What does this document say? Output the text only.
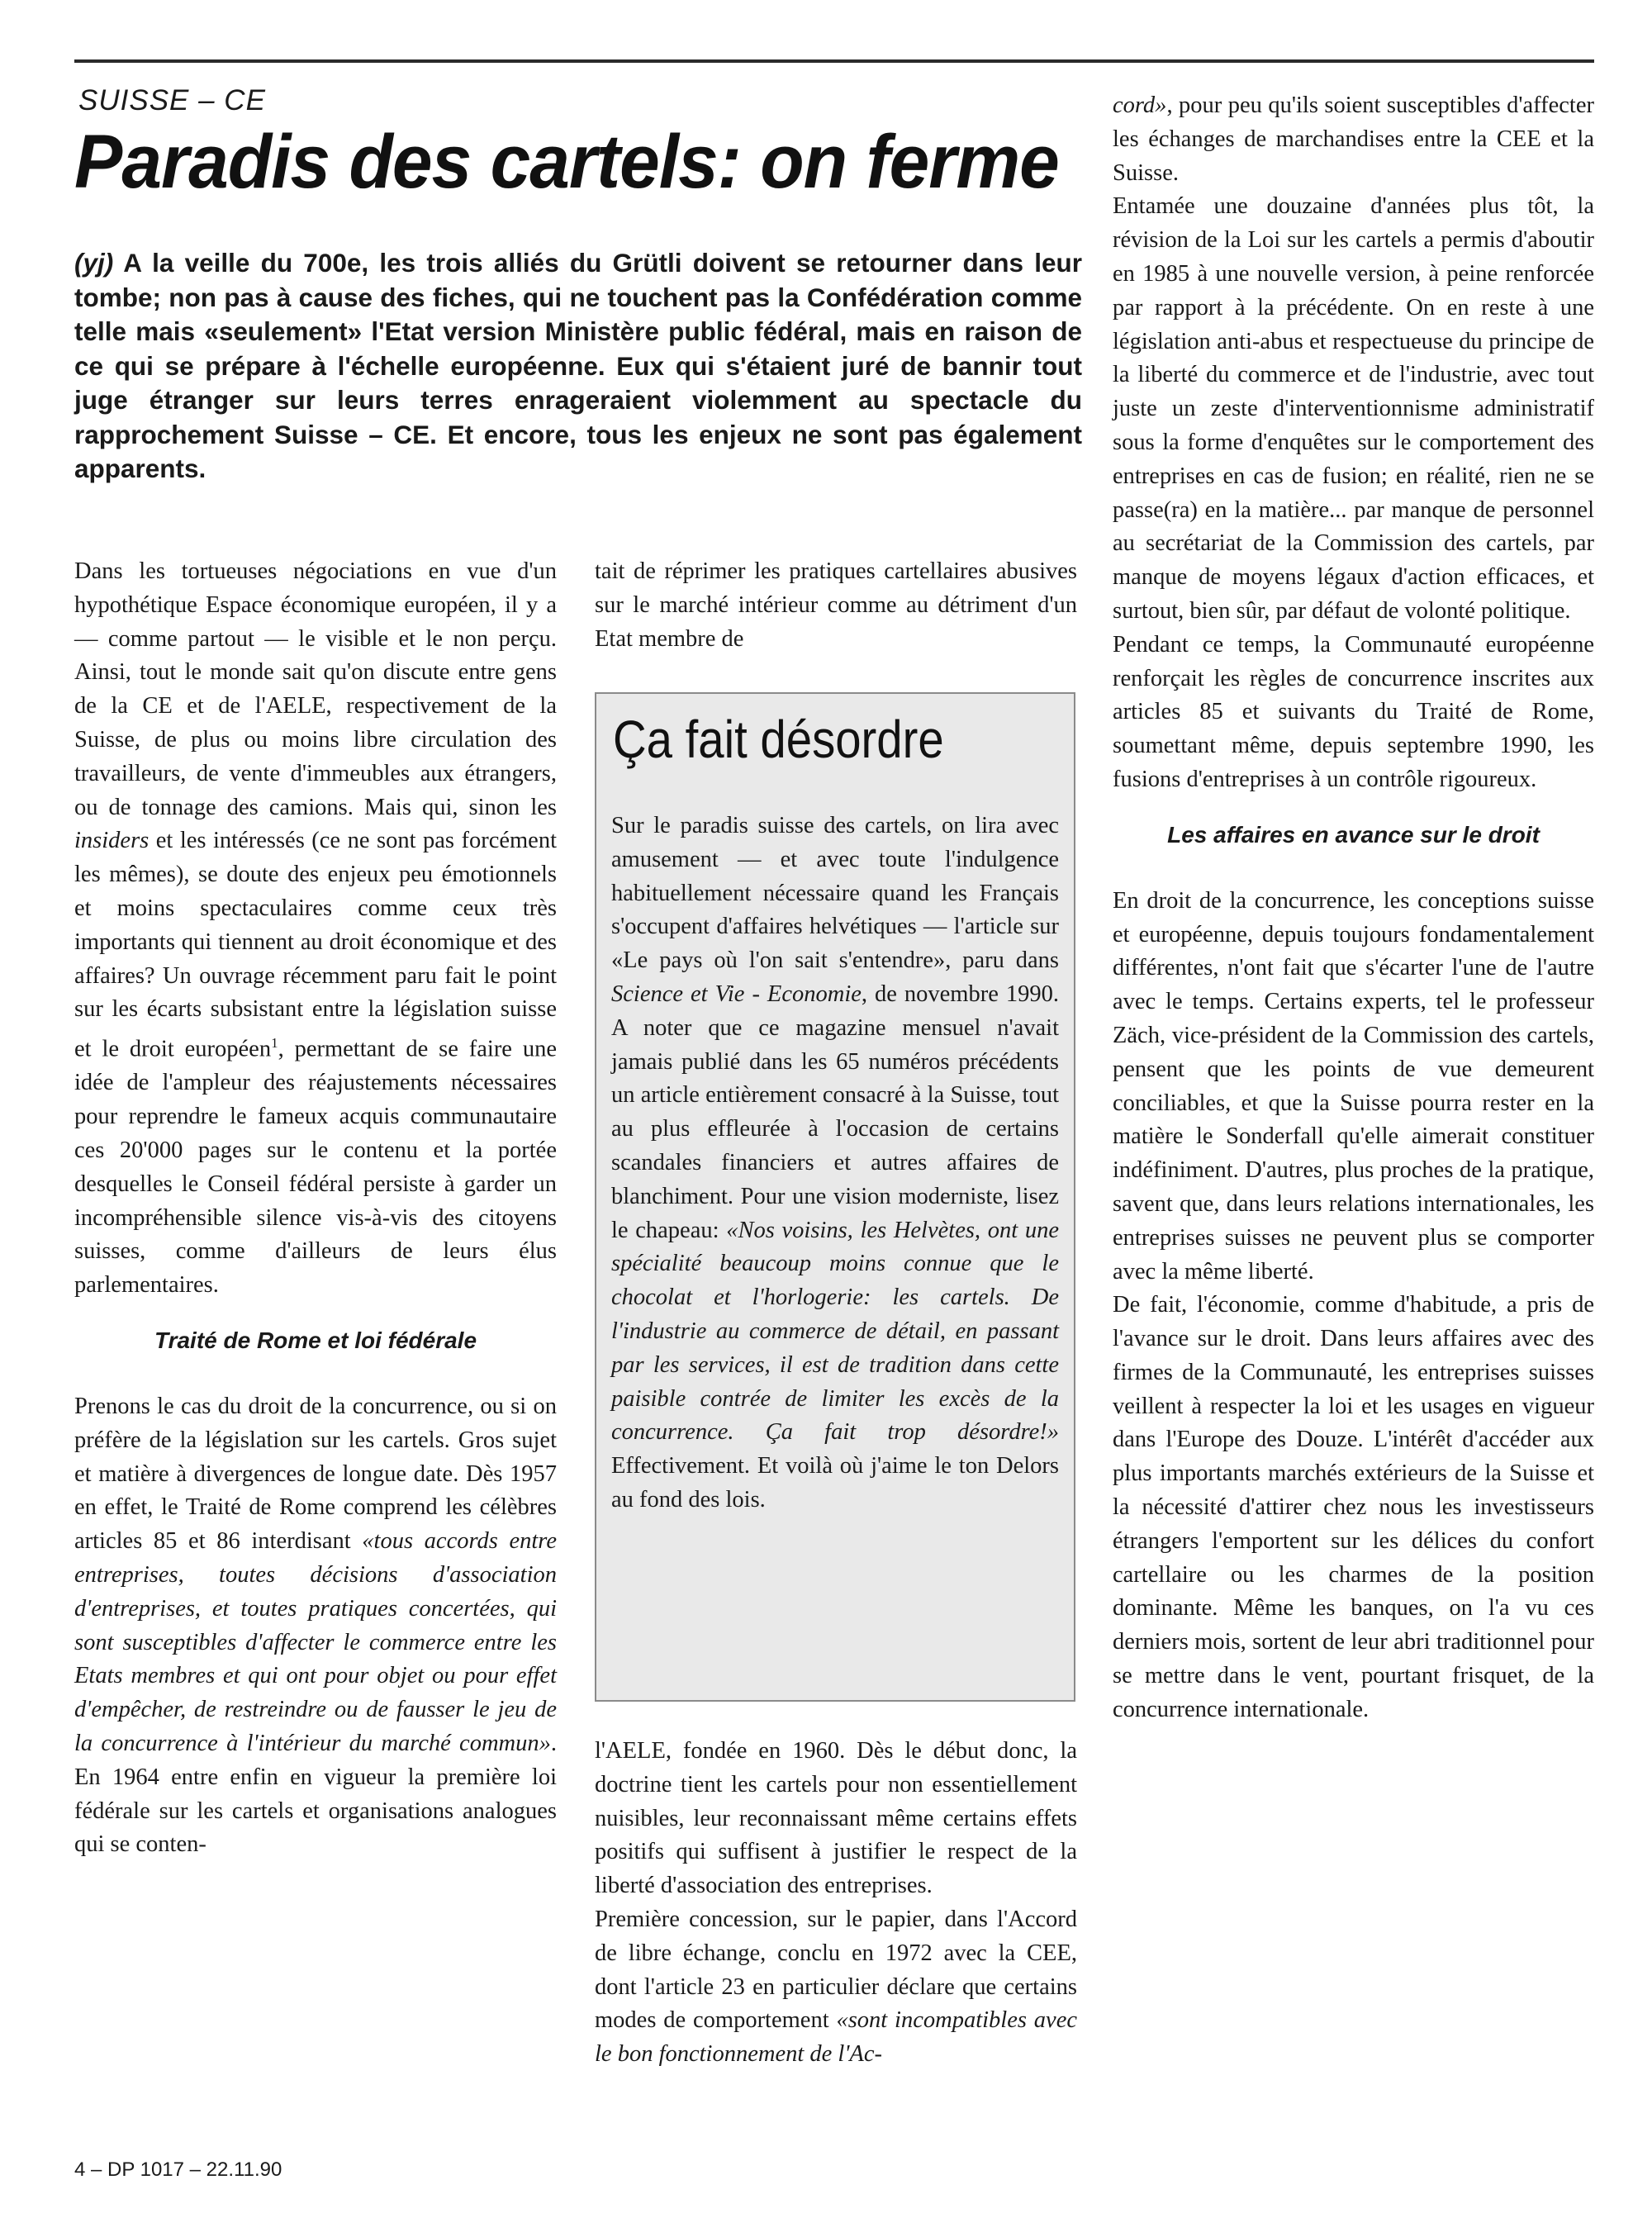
SUISSE – CE

Paradis des cartels: on ferme

(yj) A la veille du 700e, les trois alliés du Grütli doivent se retourner dans leur tombe; non pas à cause des fiches, qui ne touchent pas la Confédération comme telle mais «seulement» l'Etat version Ministère public fédéral, mais en raison de ce qui se prépare à l'échelle européenne. Eux qui s'étaient juré de bannir tout juge étranger sur leurs terres enrageraient violemment au spectacle du rapprochement Suisse – CE. Et encore, tous les enjeux ne sont pas également apparents.

Dans les tortueuses négociations en vue d'un hypothétique Espace économique européen, il y a — comme partout — le visible et le non perçu. Ainsi, tout le monde sait qu'on discute entre gens de la CE et de l'AELE, respectivement de la Suisse, de plus ou moins libre circulation des travailleurs, de vente d'immeubles aux étrangers, ou de tonnage des camions. Mais qui, sinon les insiders et les intéressés (ce ne sont pas forcément les mêmes), se doute des enjeux peu émotionnels et moins spectaculaires comme ceux très importants qui tiennent au droit économique et des affaires? Un ouvrage récemment paru fait le point sur les écarts subsistant entre la législation suisse et le droit européen$^1$, permettant de se faire une idée de l'ampleur des réajustements nécessaires pour reprendre le fameux acquis communautaire ces 20'000 pages sur le contenu et la portée desquelles le Conseil fédéral persiste à garder un incompréhensible silence vis-à-vis des citoyens suisses, comme d'ailleurs de leurs élus parlementaires.

Traité de Rome et loi fédérale

Prenons le cas du droit de la concurrence, ou si on préfère de la législation sur les cartels. Gros sujet et matière à divergences de longue date. Dès 1957 en effet, le Traité de Rome comprend les célèbres articles 85 et 86 interdisant «tous accords entre entreprises, toutes décisions d'association d'entreprises, et toutes pratiques concertées, qui sont susceptibles d'affecter le commerce entre les Etats membres et qui ont pour objet ou pour effet d'empêcher, de restreindre ou de fausser le jeu de la concurrence à l'intérieur du marché commun». En 1964 entre enfin en vigueur la première loi fédérale sur les cartels et organisations analogues qui se conten-

tait de réprimer les pratiques cartellaires abusives sur le marché intérieur comme au détriment d'un Etat membre de

Ça fait désordre

Sur le paradis suisse des cartels, on lira avec amusement — et avec toute l'indulgence habituellement nécessaire quand les Français s'occupent d'affaires helvétiques — l'article sur «Le pays où l'on sait s'entendre», paru dans Science et Vie - Economie, de novembre 1990. A noter que ce magazine mensuel n'avait jamais publié dans les 65 numéros précédents un article entièrement consacré à la Suisse, tout au plus effleurée à l'occasion de certains scandales financiers et autres affaires de blanchiment. Pour une vision moderniste, lisez le chapeau: «Nos voisins, les Helvètes, ont une spécialité beaucoup moins connue que le chocolat et l'horlogerie: les cartels. De l'industrie au commerce de détail, en passant par les services, il est de tradition dans cette paisible contrée de limiter les excès de la concurrence. Ça fait trop désordre!» Effectivement. Et voilà où j'aime le ton Delors au fond des lois.

l'AELE, fondée en 1960. Dès le début donc, la doctrine tient les cartels pour non essentiellement nuisibles, leur reconnaissant même certains effets positifs qui suffisent à justifier le respect de la liberté d'association des entreprises.

Première concession, sur le papier, dans l'Accord de libre échange, conclu en 1972 avec la CEE, dont l'article 23 en particulier déclare que certains modes de comportement «sont incompatibles avec le bon fonctionnement de l'Ac-

cord», pour peu qu'ils soient susceptibles d'affecter les échanges de marchandises entre la CEE et la Suisse.

Entamée une douzaine d'années plus tôt, la révision de la Loi sur les cartels a permis d'aboutir en 1985 à une nouvelle version, à peine renforcée par rapport à la précédente. On en reste à une législation anti-abus et respectueuse du principe de la liberté du commerce et de l'industrie, avec tout juste un zeste d'interventionnisme administratif sous la forme d'enquêtes sur le comportement des entreprises en cas de fusion; en réalité, rien ne se passe(ra) en la matière... par manque de personnel au secrétariat de la Commission des cartels, par manque de moyens légaux d'action efficaces, et surtout, bien sûr, par défaut de volonté politique.

Pendant ce temps, la Communauté européenne renforçait les règles de concurrence inscrites aux articles 85 et suivants du Traité de Rome, soumettant même, depuis septembre 1990, les fusions d'entreprises à un contrôle rigoureux.

Les affaires en avance sur le droit

En droit de la concurrence, les conceptions suisse et européenne, depuis toujours fondamentalement différentes, n'ont fait que s'écarter l'une de l'autre avec le temps. Certains experts, tel le professeur Zäch, vice-président de la Commission des cartels, pensent que les points de vue demeurent conciliables, et que la Suisse pourra rester en la matière le Sonderfall qu'elle aimerait constituer indéfiniment. D'autres, plus proches de la pratique, savent que, dans leurs relations internationales, les entreprises suisses ne peuvent plus se comporter avec la même liberté.

De fait, l'économie, comme d'habitude, a pris de l'avance sur le droit. Dans leurs affaires avec des firmes de la Communauté, les entreprises suisses veillent à respecter la loi et les usages en vigueur dans l'Europe des Douze. L'intérêt d'accéder aux plus importants marchés extérieurs de la Suisse et la nécessité d'attirer chez nous les investisseurs étrangers l'emportent sur les délices du confort cartellaire ou les charmes de la position dominante. Même les banques, on l'a vu ces derniers mois, sortent de leur abri traditionnel pour se mettre dans le vent, pourtant frisquet, de la concurrence internationale.

4 – DP 1017 – 22.11.90
